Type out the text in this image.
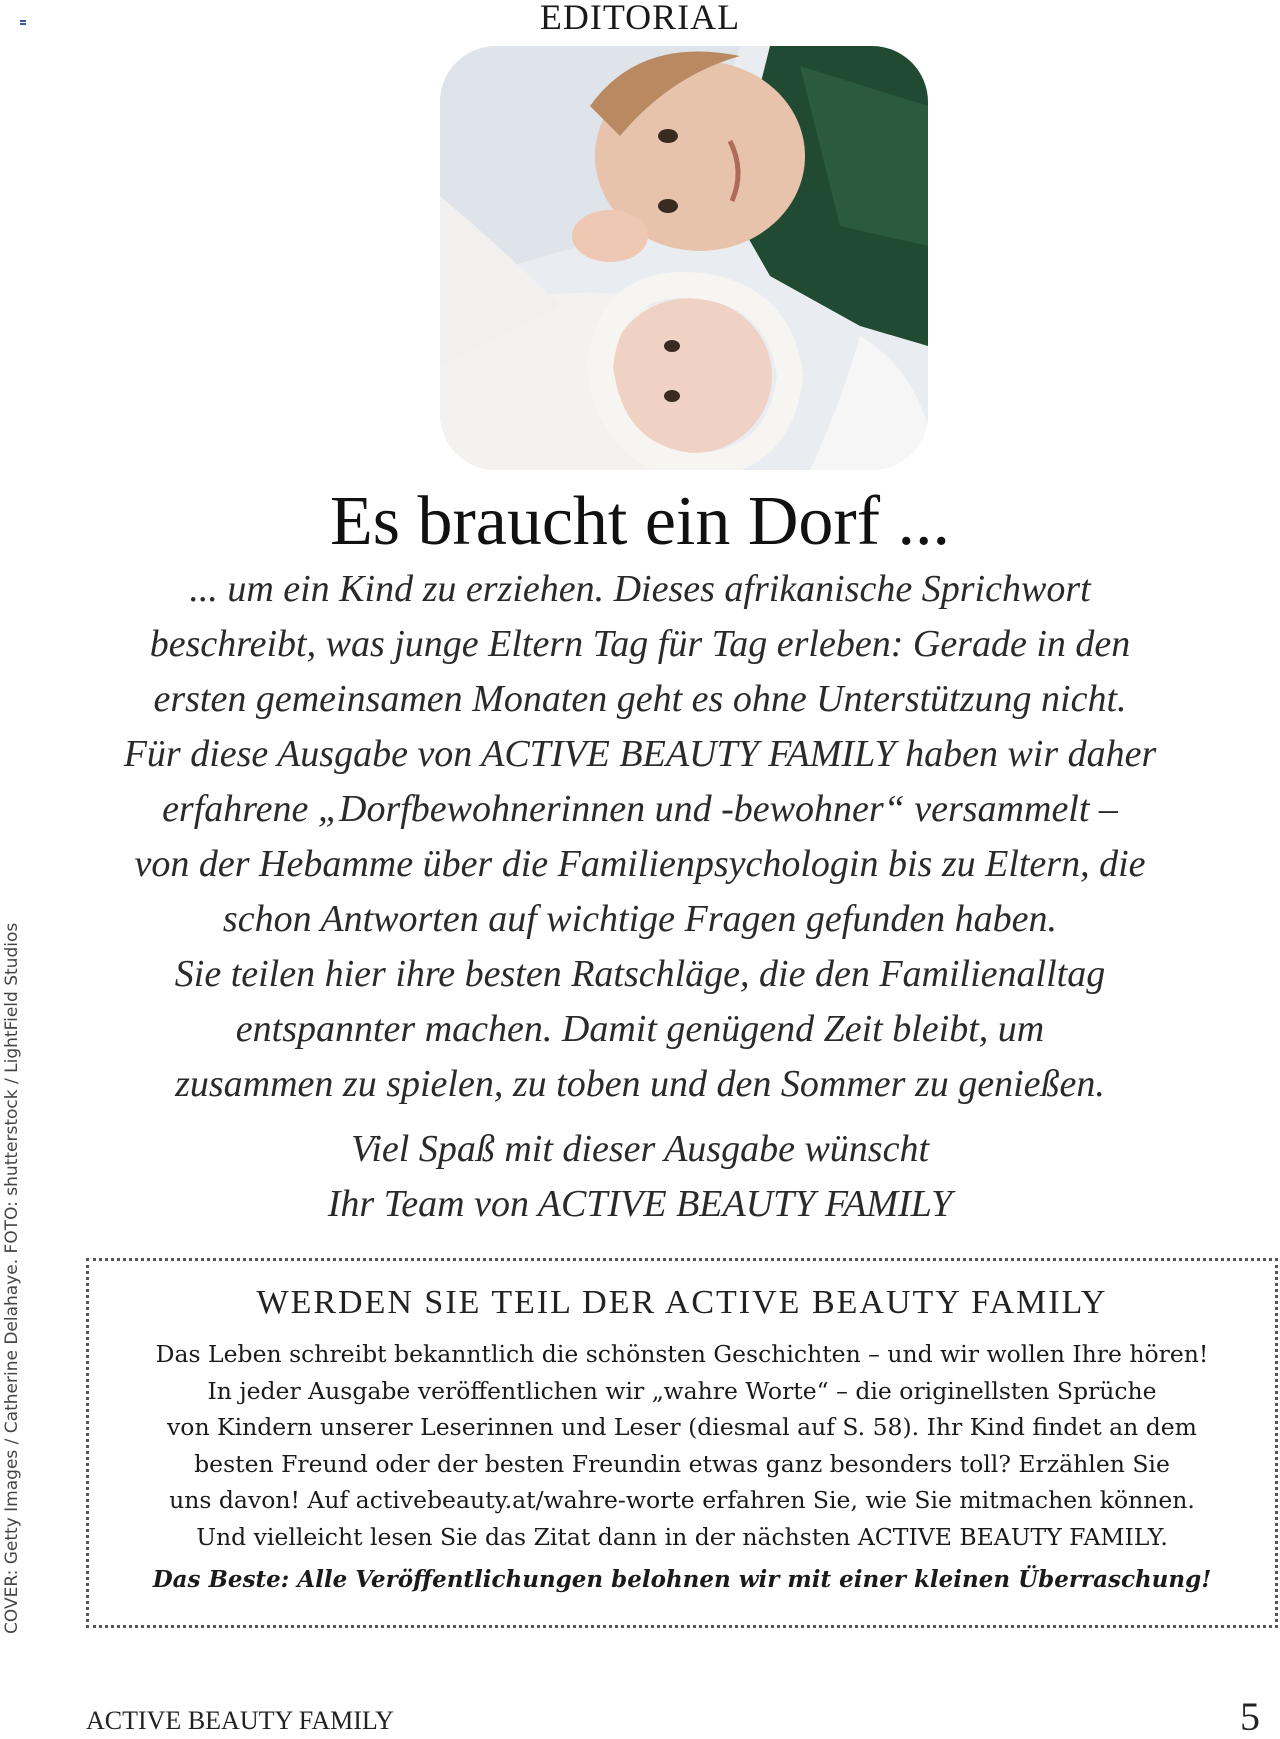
EDITORIAL
Es braucht ein Dorf ...
... um ein Kind zu erziehen. Dieses afrikanische Sprichwort
beschreibt, was junge Eltern Tag für Tag erleben: Gerade in den
ersten gemeinsamen Monaten geht es ohne Unterstützung nicht.
Für diese Ausgabe von ACTIVE BEAUTY FAMILY haben wir daher
erfahrene „Dorfbewohnerinnen und -bewohner“ versammelt –
von der Hebamme über die Familienpsychologin bis zu Eltern, die
schon Antworten auf wichtige Fragen gefunden haben.
Sie teilen hier ihre besten Ratschläge, die den Familienalltag
entspannter machen. Damit genügend Zeit bleibt, um
zusammen zu spielen, zu toben und den Sommer zu genießen.
Viel Spaß mit dieser Ausgabe wünscht
Ihr Team von ACTIVE BEAUTY FAMILY
WERDEN SIE TEIL DER ACTIVE BEAUTY FAMILY
Das Leben schreibt bekanntlich die schönsten Geschichten – und wir wollen Ihre hören!
In jeder Ausgabe veröffentlichen wir „wahre Worte“ – die originellsten Sprüche
von Kindern unserer Leserinnen und Leser (diesmal auf S. 58). Ihr Kind findet an dem
besten Freund oder der besten Freundin etwas ganz besonders toll? Erzählen Sie
uns davon! Auf activebeauty.at/wahre-worte erfahren Sie, wie Sie mitmachen können.
Und vielleicht lesen Sie das Zitat dann in der nächsten ACTIVE BEAUTY FAMILY.
Das Beste: Alle Veröffentlichungen belohnen wir mit einer kleinen Überraschung!
COVER: Getty Images / Catherine Delahaye. FOTO: shutterstock / LightField Studios
ACTIVE BEAUTY FAMILY	5
